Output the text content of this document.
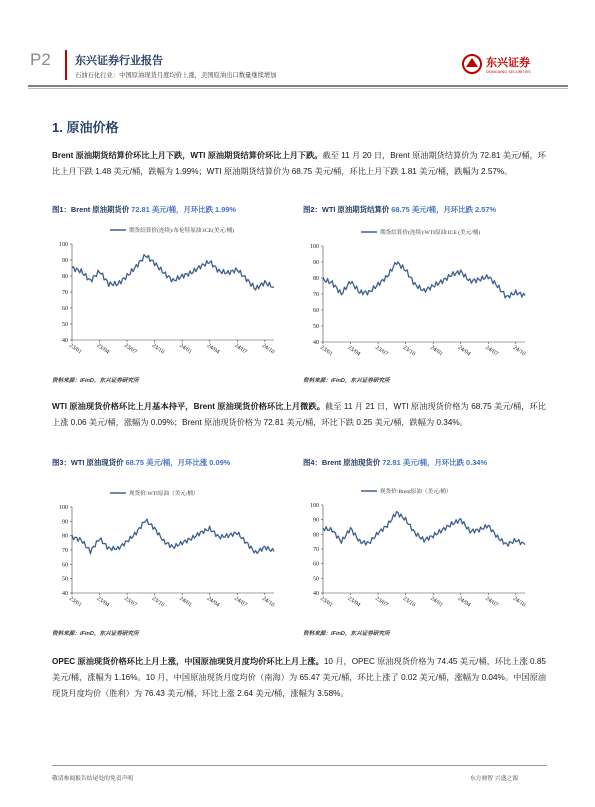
P2 东兴证券行业报告
石油石化行业：中国原油现货月度均价上涨，美国原油出口数量继续增加
东兴证券
DONGXING SECURITIES
1. 原油价格
Brent 原油期货结算价环比上月下跌，WTI 原油期货结算价环比上月下跌。截至 11 月 20 日，Brent 原油期货结算价为 72.81 美元/桶，环比上月下跌 1.48 美元/桶，跌幅为 1.99%；WTI 原油期货结算价为 68.75 美元/桶，环比上月下跌 1.81 美元/桶，跌幅为 2.57%。
图1：Brent 原油期货价 72.81 美元/桶，月环比跌 1.99%	图2：WTI 原油期货结算价 68.75 美元/桶，月环比跌 2.57%
期货结算价(连续):布伦特原油:ICE(美元/桶)
40
50
60
70
80
90
100
23/01 23/04 23/07 23/10 24/01 24/04 24/07 24/10
期货结算价(连续):WTI原油:ICE (美元/桶)
40
50
60
70
80
90
100
23/01 23/04 23/07 23/10 24/01 24/04 24/07 24/10
资料来源：iFinD，东兴证券研究所	资料来源：iFinD，东兴证券研究所
WTI 原油现货价格环比上月基本持平，Brent 原油现货价格环比上月微跌。截至 11 月 21 日，WTI 原油现货价格为 68.75 美元/桶，环比上涨 0.06 美元/桶，涨幅为 0.09%；Brent 原油现货价格为 72.81 美元/桶，环比下跌 0.25 美元/桶，跌幅为 0.34%。
图3：WTI 原油现货价 68.75 美元/桶，月环比涨 0.09%	图4：Brent 原油现货价 72.81 美元/桶，月环比跌 0.34%
现货价:WTI原油（美元/桶）
40
50
60
70
80
90
100
23/01 23/04 23/07 23/10 24/01 24/04 24/07 24/10
现货价:Brent原油（美元/桶）
40
50
60
70
80
90
100
23/01 23/04 23/07 23/10 24/01 24/04 24/07 24/10
资料来源：iFinD，东兴证券研究所	资料来源：iFinD，东兴证券研究所
OPEC 原油现货价格环比上月上涨，中国原油现货月度均价环比上月上涨。10 月，OPEC 原油现货价格为 74.45 美元/桶，环比上涨 0.85 美元/桶，涨幅为 1.16%。10 月，中国原油现货月度均价（南海）为 65.47 美元/桶，环比上涨了 0.02 美元/桶，涨幅为 0.04%。中国原油现货月度均价（胜利）为 76.43 美元/桶，环比上涨 2.64 美元/桶，涨幅为 3.58%。
敬请参阅报告结尾处的免责声明	东方财智 兴盛之源
